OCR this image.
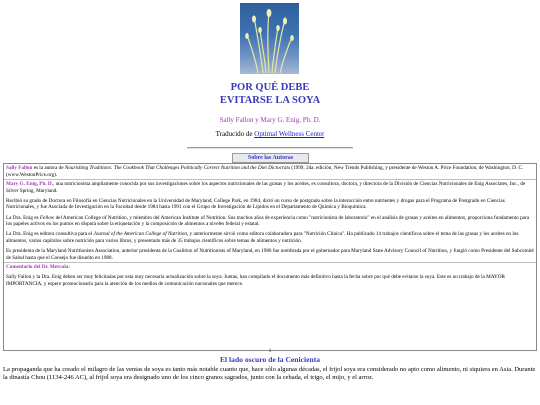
POR QUÉ DEBE
EVITARSE LA SOYA
Sally Fallon y Mary G. Enig, Ph. D.
Traducido de Optimal Wellness Center
Sobre las Autoras

Sally Fallon es la autora de Nourishing Traditions: The Cookbook That Challenges Politically Correct Nutrition and the Diet Dictocrats (1999, 2da. edición, New Trends Publishing, y presidente de Weston A. Price Foundation, de Washington, D. C. (www.WestonPrice.org).

Mary G. Enig, Ph. D., una nutricionista ampliamente conocida por sus investigaciones sobre los aspectos nutricionales de las grasas y los aceites, es consultora, doctora, y directora de la División de Ciencias Nutricionales de Enig Associates, Inc., de Silver Spring, Maryland.

Recibió su grado de Doctora en Filosofía en Ciencias Nutricionales en la Universidad de Maryland, College Park, en 1984, dictó un curso de postgrado sobre la interacción entre nutrientes y drogas para el Programa de Postgrado en Ciencias Nutricionales, y fue Asociada de Investigación en la Facultad desde 1984 hasta 1991 con el Grupo de Investigación de Lípidos en el Departamento de Química y Bioquímica.

La Dra. Enig es Fellow del American College of Nutrition, y miembro del American Institute of Nutrition. Sus muchos años de experiencia como "nutricionista de laboratorio" en el análisis de grasas y aceites en alimentos, proporciona fundamento para los papeles activos en los puntos en disputa sobre la etiquetación y la composición de alimentos a niveles federal y estatal.

La Dra. Enig es editora consultiva para el Journal of the American College of Nutrition, y anteriormente sirvió como editora colaboradora para "Nutrición Clínica". Ha publicado 14 trabajos científicos sobre el tema de las grasas y los aceites en los alimentos, varios capítulos sobre nutrición para varios libros, y presentado más de 35 trabajos científicos sobre temas de alimentos y nutrición.

Es presidenta de la Maryland Nutritionists Association, anterior presidenta de la Coalition of Nutritionists of Maryland, en 1986 fue nombrada por el gobernador para Maryland State Advisory Council of Nutrition, y fungió como Presidente del Subcomité de Salud hasta que el Consejo fue disuelto en 1988.

Comentario del Dr. Mercola:

Sally Fallon y la Dra. Enig deben ser muy felicitadas por esta muy necesaria actualización sobre la soya. Juntas, han compilado el documento más definitivo hasta la fecha sobre por qué debe evitarse la soya. Este es un trabajo de la MAYOR IMPORTANCIA, y espero promocionarlo para la atención de los medios de comunicación nacionales que merece.

1
El lado oscuro de la Cenicienta

La propaganda que ha creado el milagro de las ventas de soya es tanto más notable cuanto que, hace sólo algunas décadas, el frijol soya era considerado no apto como alimento, ni siquiera en Asia. Durante la dinastía Chou (1134-246 AC), al frijol soya era designado uno de los cinco granos sagrados, junto con la cebada, el trigo, el mijo, y el arroz.
